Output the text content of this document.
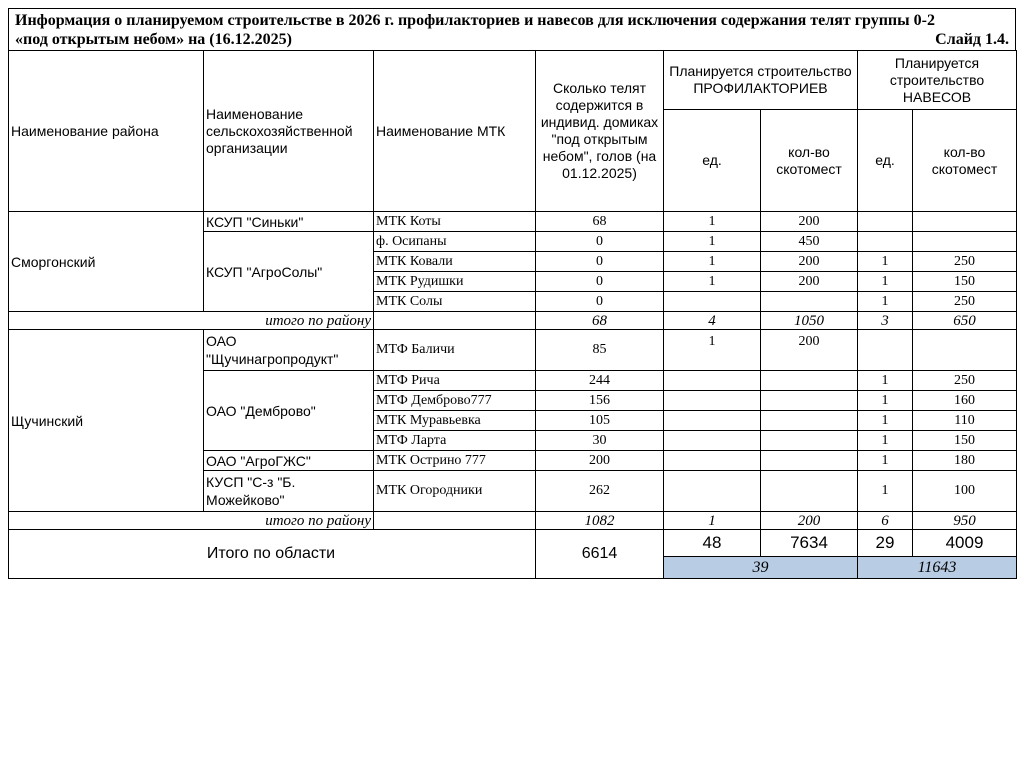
Информация о планируемом строительстве в 2026 г. профилакториев и навесов для исключения содержания телят группы 0-2
«под открытым небом» на (16.12.2025)	Слайд 1.4.
Наименование района	Наименование сельскохозяйственной организации	Наименование МТК	Сколько телят содержится в индивид. домиках "под открытым небом", голов (на 01.12.2025)	Планируется строительство ПРОФИЛАКТОРИЕВ		Планируется строительство НАВЕСОВ	
				ед.	кол-во скотомест	ед.	кол-во скотомест
Сморгонский	КСУП "Синьки"	МТК Коты	68	1	200		
	КСУП "АгроСолы"	ф. Осипаны	0	1	450		
		МТК Ковали	0	1	200	1	250
		МТК Рудишки	0	1	200	1	150
		МТК Солы	0			1	250
итого по району			68	4	1050	3	650
Щучинский	ОАО "Щучинагропродукт"	МТФ Баличи	85	1	200		
	ОАО "Демброво"	МТФ Рича	244			1	250
		МТФ Демброво777	156			1	160
		МТК Муравьевка	105			1	110
		МТФ Ларта	30			1	150
	ОАО "АгроГЖС"	МТК Острино 777	200			1	180
	КУСП "С-з "Б. Можейково"	МТК Огородники	262			1	100
итого по району			1082	1	200	6	950
Итого по области			6614	48	7634	29	4009
				39		11643	
